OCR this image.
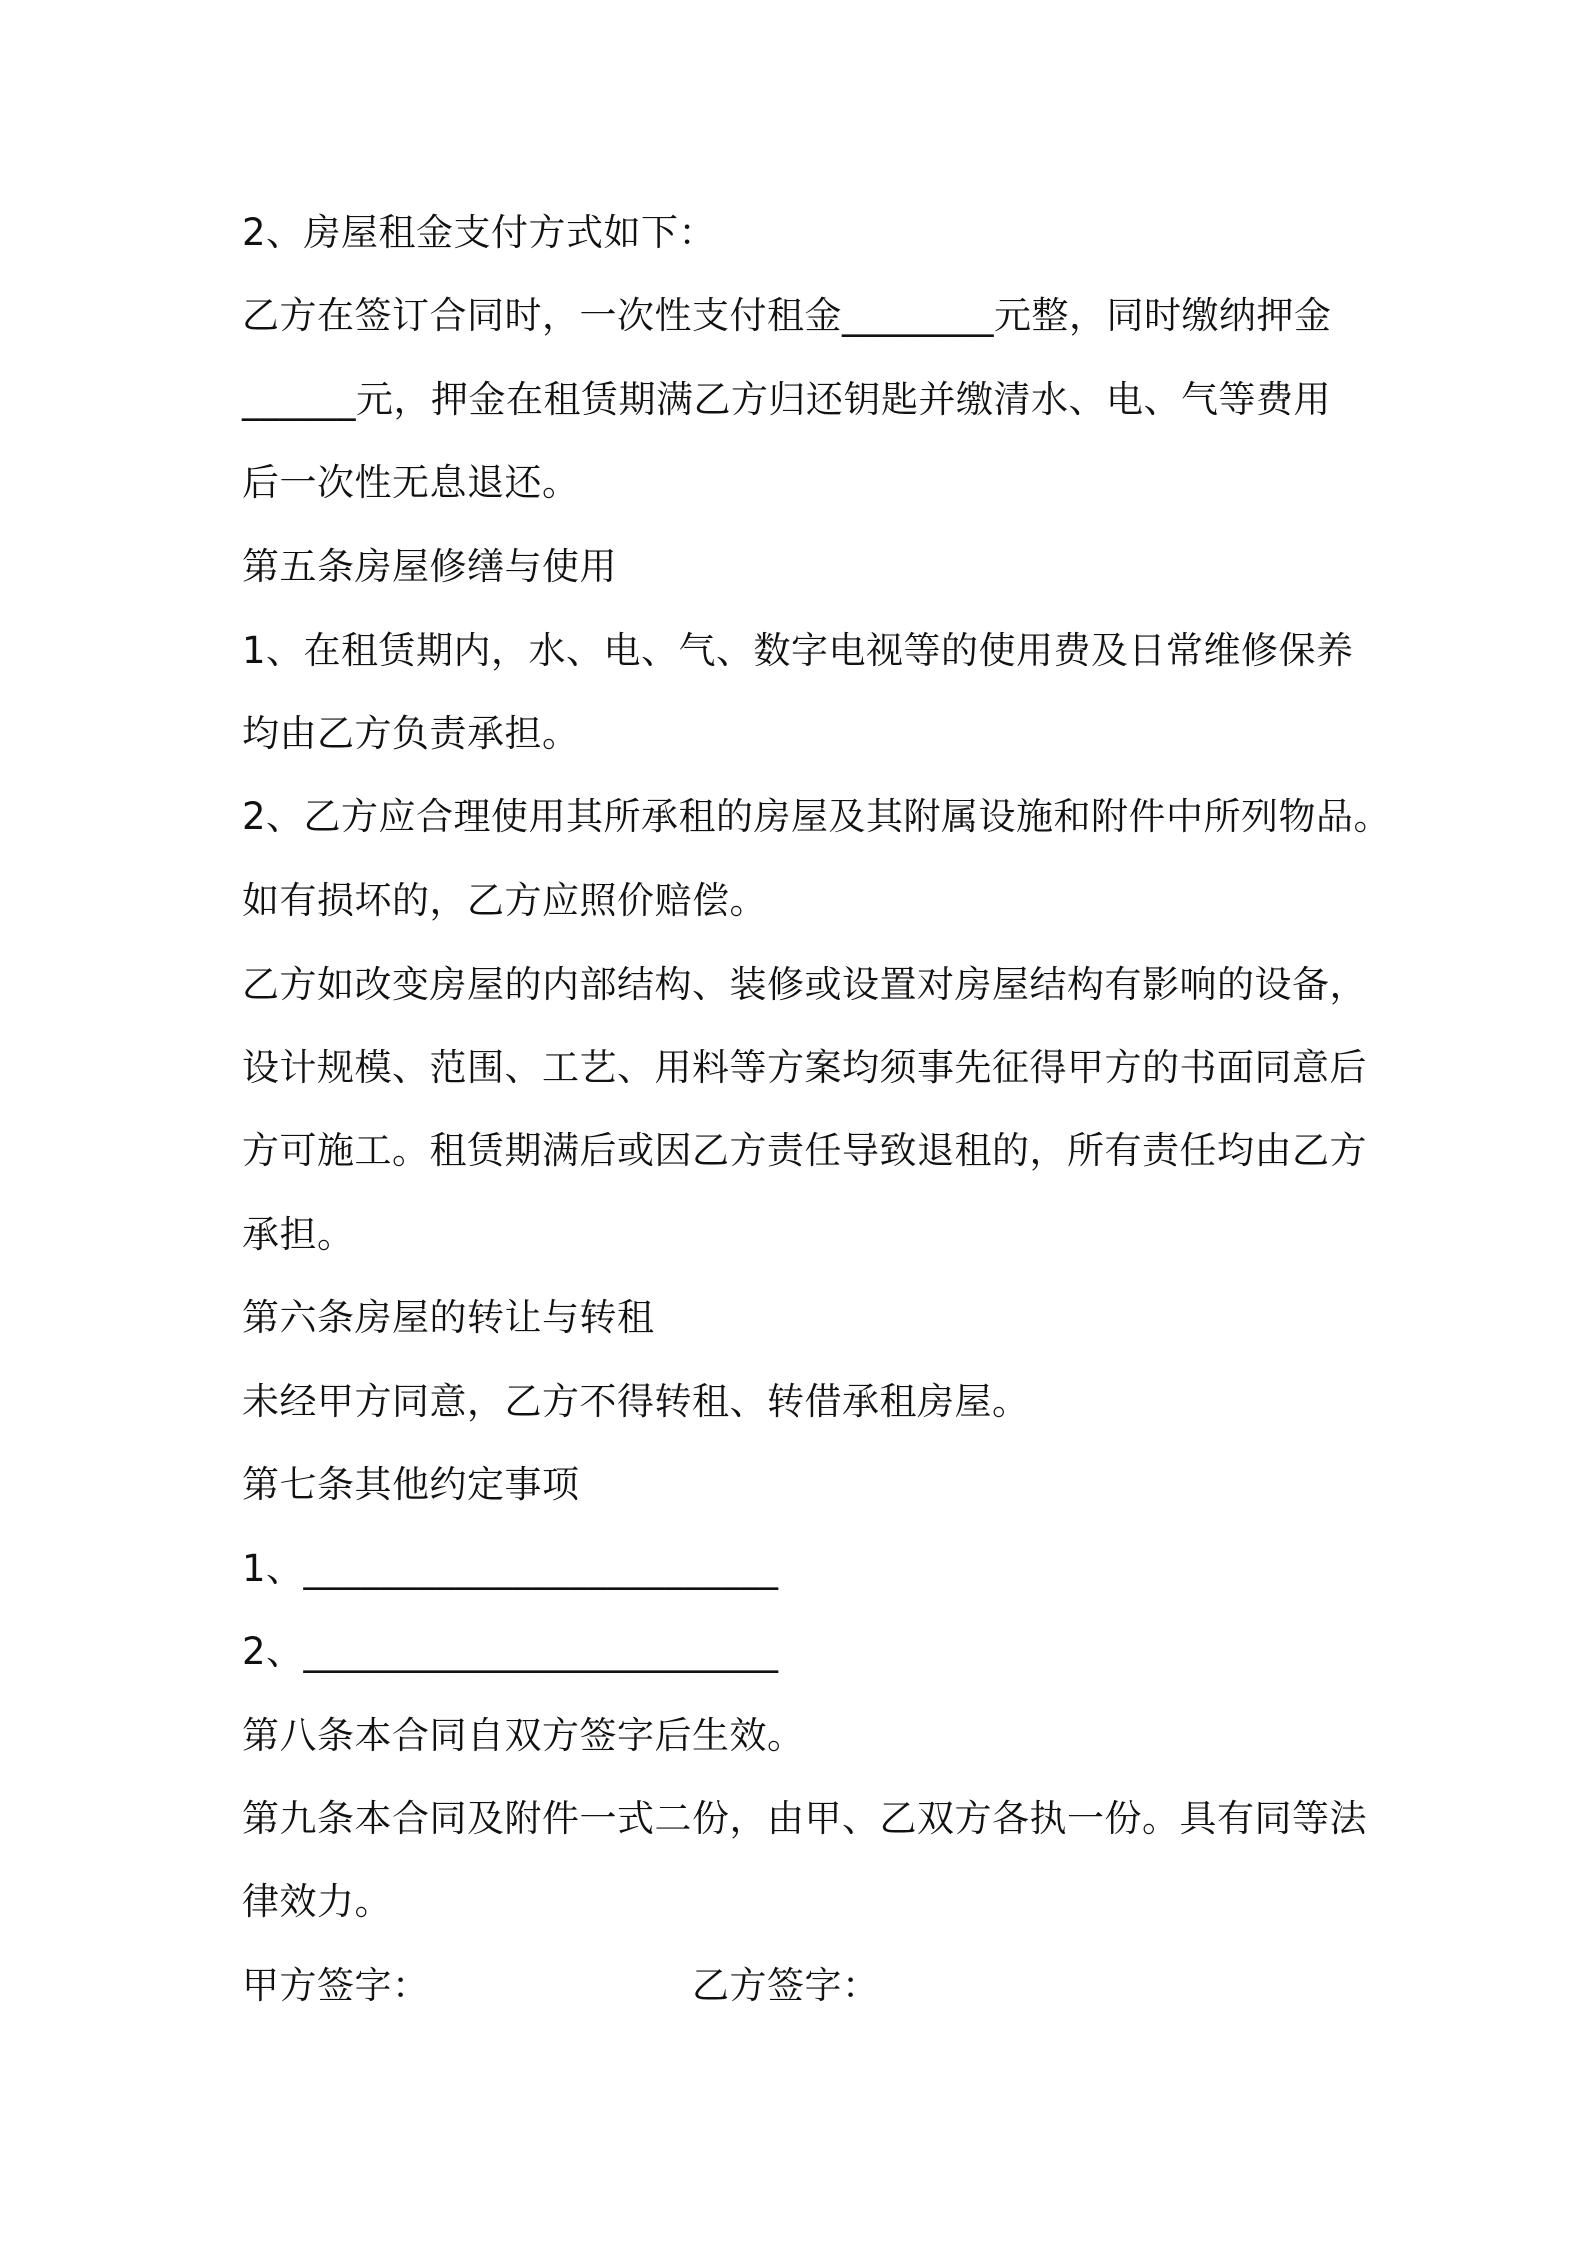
2、房屋租金支付方式如下：
乙方在签订合同时，一次性支付租金________元整，同时缴纳押金
______元，押金在租赁期满乙方归还钥匙并缴清水、电、气等费用
后一次性无息退还。
第五条房屋修缮与使用
1、在租赁期内，水、电、气、数字电视等的使用费及日常维修保养
均由乙方负责承担。
2、乙方应合理使用其所承租的房屋及其附属设施和附件中所列物品。
如有损坏的，乙方应照价赔偿。
乙方如改变房屋的内部结构、装修或设置对房屋结构有影响的设备，
设计规模、范围、工艺、用料等方案均须事先征得甲方的书面同意后
方可施工。租赁期满后或因乙方责任导致退租的，所有责任均由乙方
承担。
第六条房屋的转让与转租
未经甲方同意，乙方不得转租、转借承租房屋。
第七条其他约定事项
1、_________________________
2、_________________________
第八条本合同自双方签字后生效。
第九条本合同及附件一式二份，由甲、乙双方各执一份。具有同等法
律效力。
甲方签字：	乙方签字：
